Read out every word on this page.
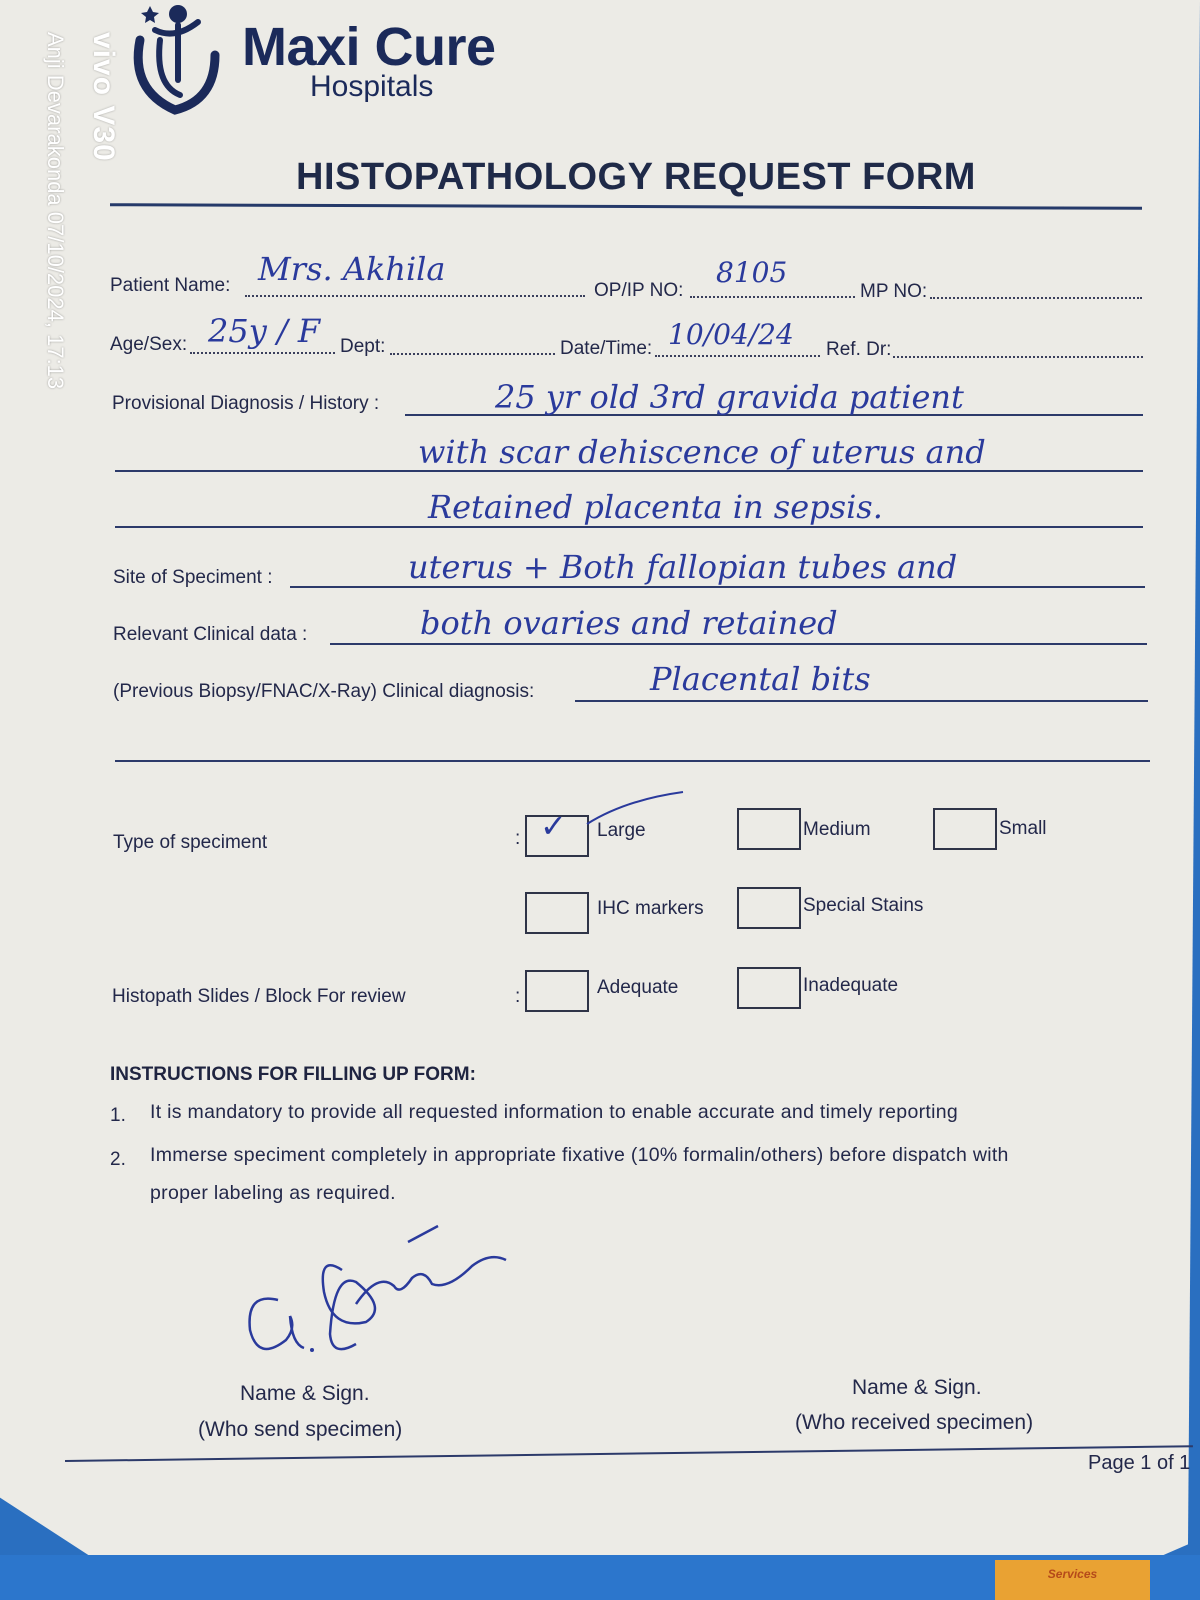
Services
vivo V30
Anji Devarakonda 07/10/2024, 17:13	Maxi Cure
Hospitals
HISTOPATHOLOGY REQUEST FORM
Patient Name: Mrs. Akhila
OP/IP NO:
8105
MP NO:
Age/Sex: 25y / F Dept:	Date/Time: 10/04/24 Ref. Dr:
Provisional Diagnosis / History :	25 yr old 3rd gravida patient
with scar dehiscence of uterus and
Retained placenta in sepsis.
Site of Speciment :	uterus + Both fallopian tubes and
Relevant Clinical data :	both ovaries and retained
(Previous Biopsy/FNAC/X-Ray) Clinical diagnosis:	Placental bits
Type of speciment	: ✓ Large	Medium	Small
IHC markers	Special Stains
Histopath Slides / Block For review	:	Adequate	Inadequate
INSTRUCTIONS FOR FILLING UP FORM:
1. It is mandatory to provide all requested information to enable accurate and timely reporting
2. Immerse speciment completely in appropriate fixative (10% formalin/others) before dispatch with
proper labeling as required.
Name & Sign.
(Who send specimen)
Name & Sign.
(Who received specimen)
Page 1 of 1
